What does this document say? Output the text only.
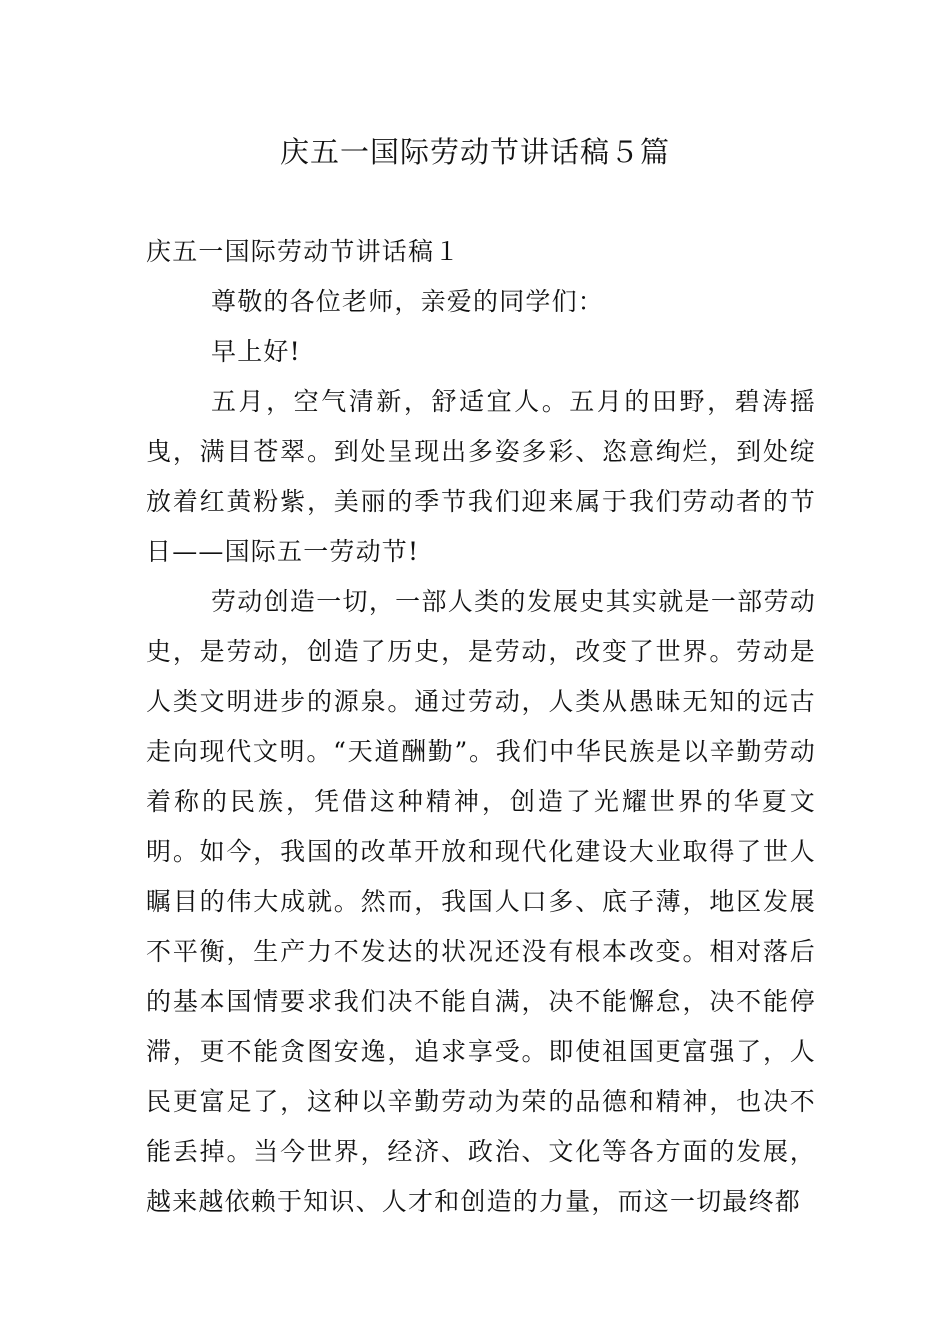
庆五一国际劳动节讲话稿５篇

庆五一国际劳动节讲话稿１

尊敬的各位老师，亲爱的同学们：

早上好!

五月，空气清新，舒适宜人。五月的田野，碧涛摇曳，满目苍翠。到处呈现出多姿多彩、恣意绚烂，到处绽放着红黄粉紫，美丽的季节我们迎来属于我们劳动者的节日——国际五一劳动节!

劳动创造一切，一部人类的发展史其实就是一部劳动史，是劳动，创造了历史，是劳动，改变了世界。劳动是人类文明进步的源泉。通过劳动，人类从愚昧无知的远古走向现代文明。“天道酬勤”。我们中华民族是以辛勤劳动着称的民族，凭借这种精神，创造了光耀世界的华夏文明。如今，我国的改革开放和现代化建设大业取得了世人瞩目的伟大成就。然而，我国人口多、底子薄，地区发展不平衡，生产力不发达的状况还没有根本改变。相对落后的基本国情要求我们决不能自满，决不能懈怠，决不能停滞，更不能贪图安逸，追求享受。即使祖国更富强了，人民更富足了，这种以辛勤劳动为荣的品德和精神，也决不能丢掉。当今世界，经济、政治、文化等各方面的发展，越来越依赖于知识、人才和创造的力量，而这一切最终都
